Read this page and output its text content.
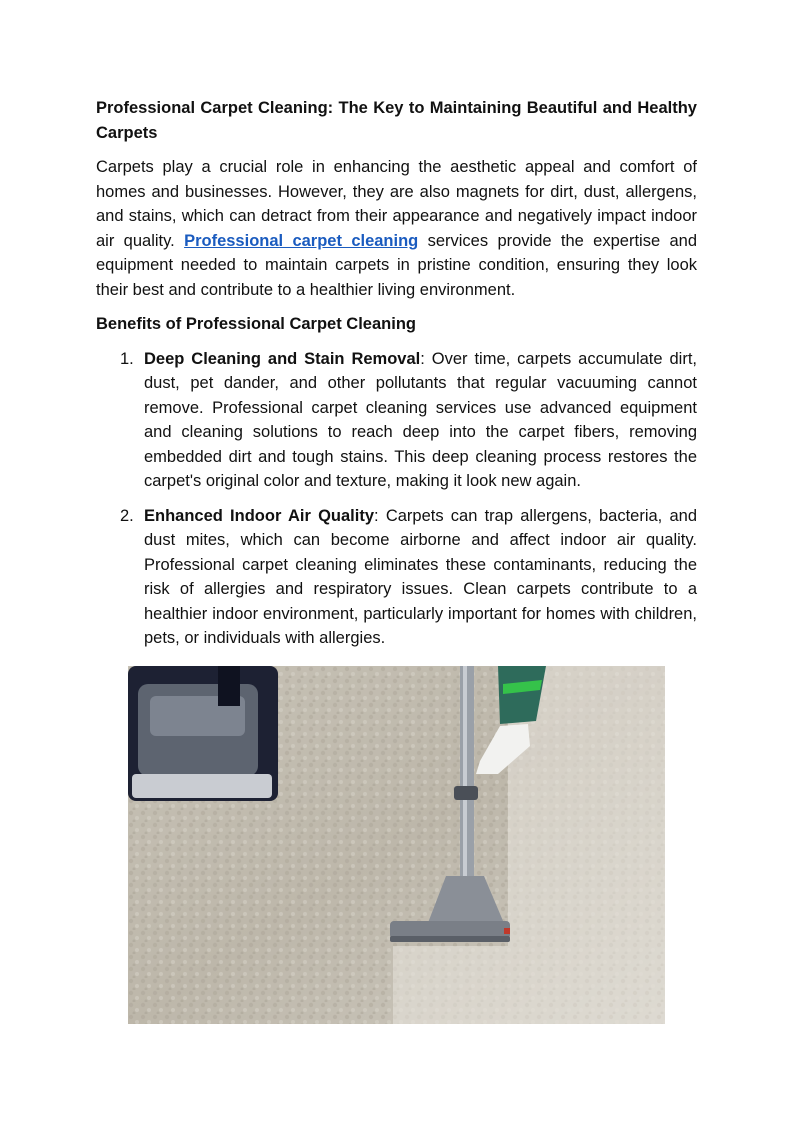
Professional Carpet Cleaning: The Key to Maintaining Beautiful and Healthy Carpets

Carpets play a crucial role in enhancing the aesthetic appeal and comfort of homes and businesses. However, they are also magnets for dirt, dust, allergens, and stains, which can detract from their appearance and negatively impact indoor air quality. Professional carpet cleaning services provide the expertise and equipment needed to maintain carpets in pristine condition, ensuring they look their best and contribute to a healthier living environment.

Benefits of Professional Carpet Cleaning

1. Deep Cleaning and Stain Removal: Over time, carpets accumulate dirt, dust, pet dander, and other pollutants that regular vacuuming cannot remove. Professional carpet cleaning services use advanced equipment and cleaning solutions to reach deep into the carpet fibers, removing embedded dirt and tough stains. This deep cleaning process restores the carpet's original color and texture, making it look new again.
2. Enhanced Indoor Air Quality: Carpets can trap allergens, bacteria, and dust mites, which can become airborne and affect indoor air quality. Professional carpet cleaning eliminates these contaminants, reducing the risk of allergies and respiratory issues. Clean carpets contribute to a healthier indoor environment, particularly important for homes with children, pets, or individuals with allergies.
